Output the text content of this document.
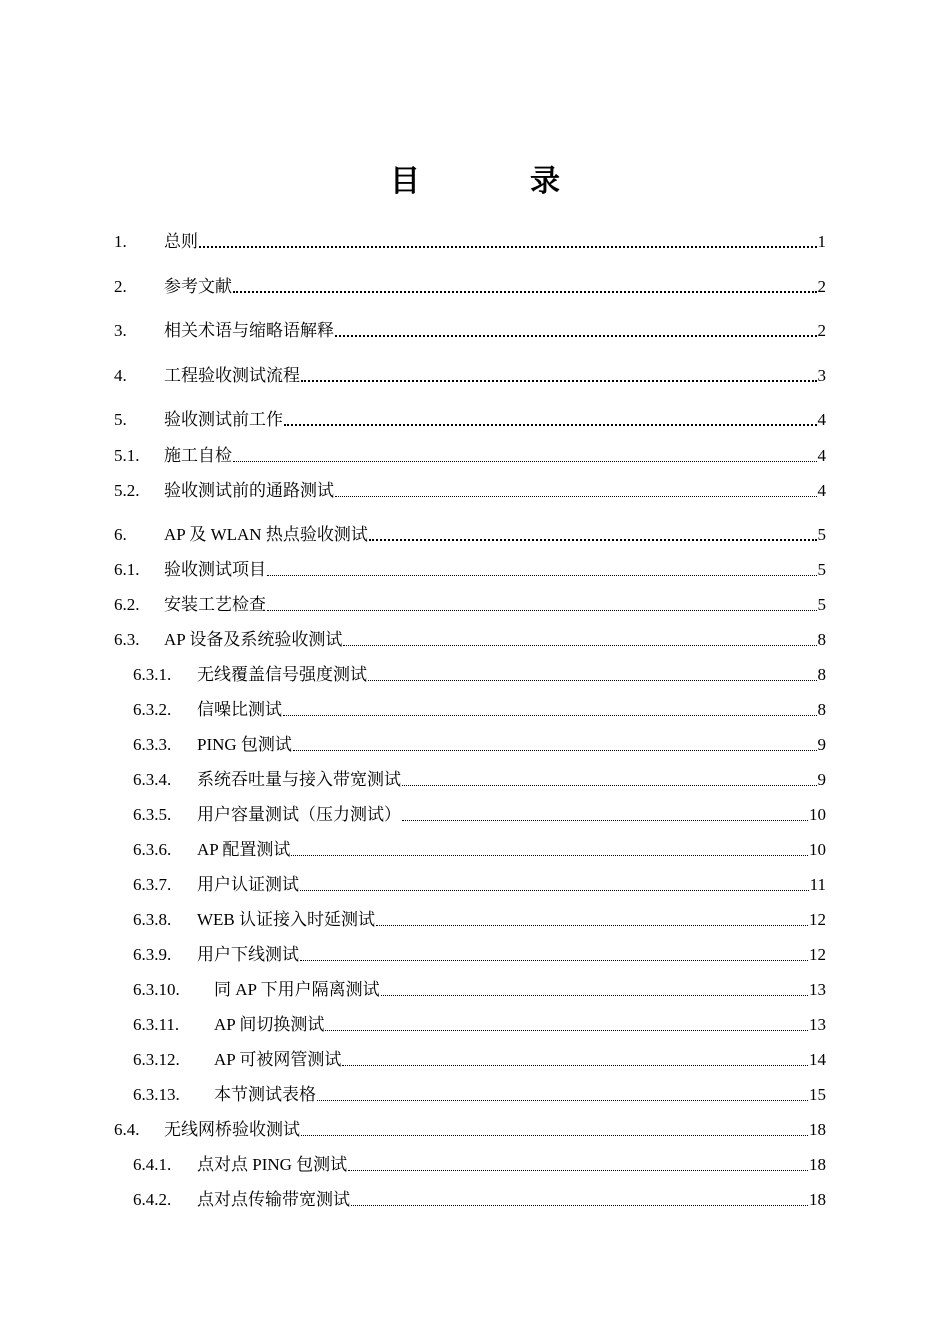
目　录
1.	总则	1
2.	参考文献	2
3.	相关术语与缩略语解释	2
4.	工程验收测试流程	3
5.	验收测试前工作	4
5.1.	施工自检	4
5.2.	验收测试前的通路测试	4
6.	AP 及 WLAN 热点验收测试	5
6.1.	验收测试项目	5
6.2.	安装工艺检查	5
6.3.	AP 设备及系统验收测试	8
6.3.1.	无线覆盖信号强度测试	8
6.3.2.	信噪比测试	8
6.3.3.	PING 包测试	9
6.3.4.	系统吞吐量与接入带宽测试	9
6.3.5.	用户容量测试（压力测试）	10
6.3.6.	AP 配置测试	10
6.3.7.	用户认证测试	11
6.3.8.	WEB 认证接入时延测试	12
6.3.9.	用户下线测试	12
6.3.10.	同 AP 下用户隔离测试	13
6.3.11.	AP 间切换测试	13
6.3.12.	AP 可被网管测试	14
6.3.13.	本节测试表格	15
6.4.	无线网桥验收测试	18
6.4.1.	点对点 PING 包测试	18
6.4.2.	点对点传输带宽测试	18
